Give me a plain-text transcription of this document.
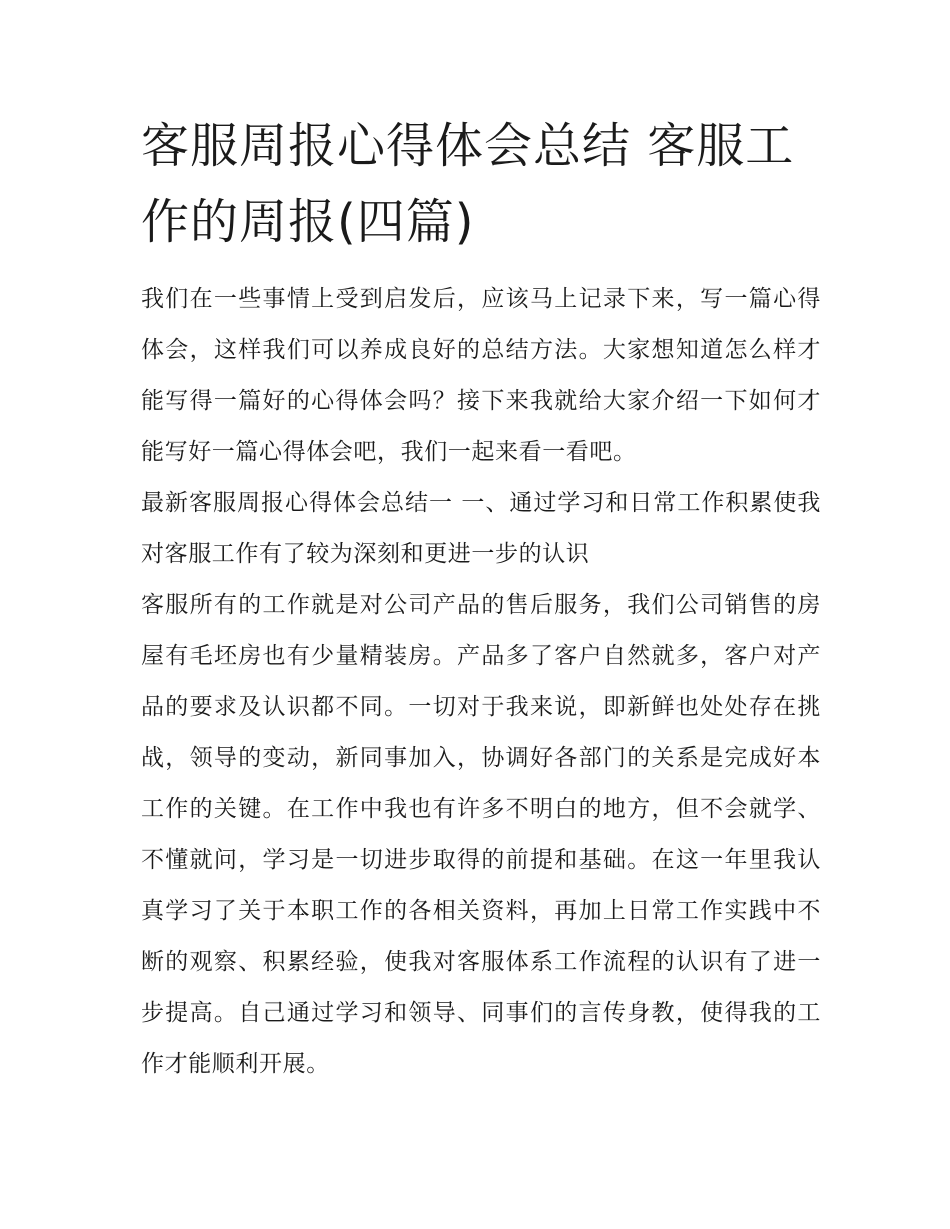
客服周报心得体会总结 客服工作的周报(四篇)

我们在一些事情上受到启发后，应该马上记录下来，写一篇心得体会，这样我们可以养成良好的总结方法。大家想知道怎么样才能写得一篇好的心得体会吗？接下来我就给大家介绍一下如何才能写好一篇心得体会吧，我们一起来看一看吧。

最新客服周报心得体会总结一 一、通过学习和日常工作积累使我对客服工作有了较为深刻和更进一步的认识

客服所有的工作就是对公司产品的售后服务，我们公司销售的房屋有毛坯房也有少量精装房。产品多了客户自然就多，客户对产品的要求及认识都不同。一切对于我来说，即新鲜也处处存在挑战，领导的变动，新同事加入，协调好各部门的关系是完成好本工作的关键。在工作中我也有许多不明白的地方，但不会就学、不懂就问，学习是一切进步取得的前提和基础。在这一年里我认真学习了关于本职工作的各相关资料，再加上日常工作实践中不断的观察、积累经验，使我对客服体系工作流程的认识有了进一步提高。自己通过学习和领导、同事们的言传身教，使得我的工作才能顺利开展。
